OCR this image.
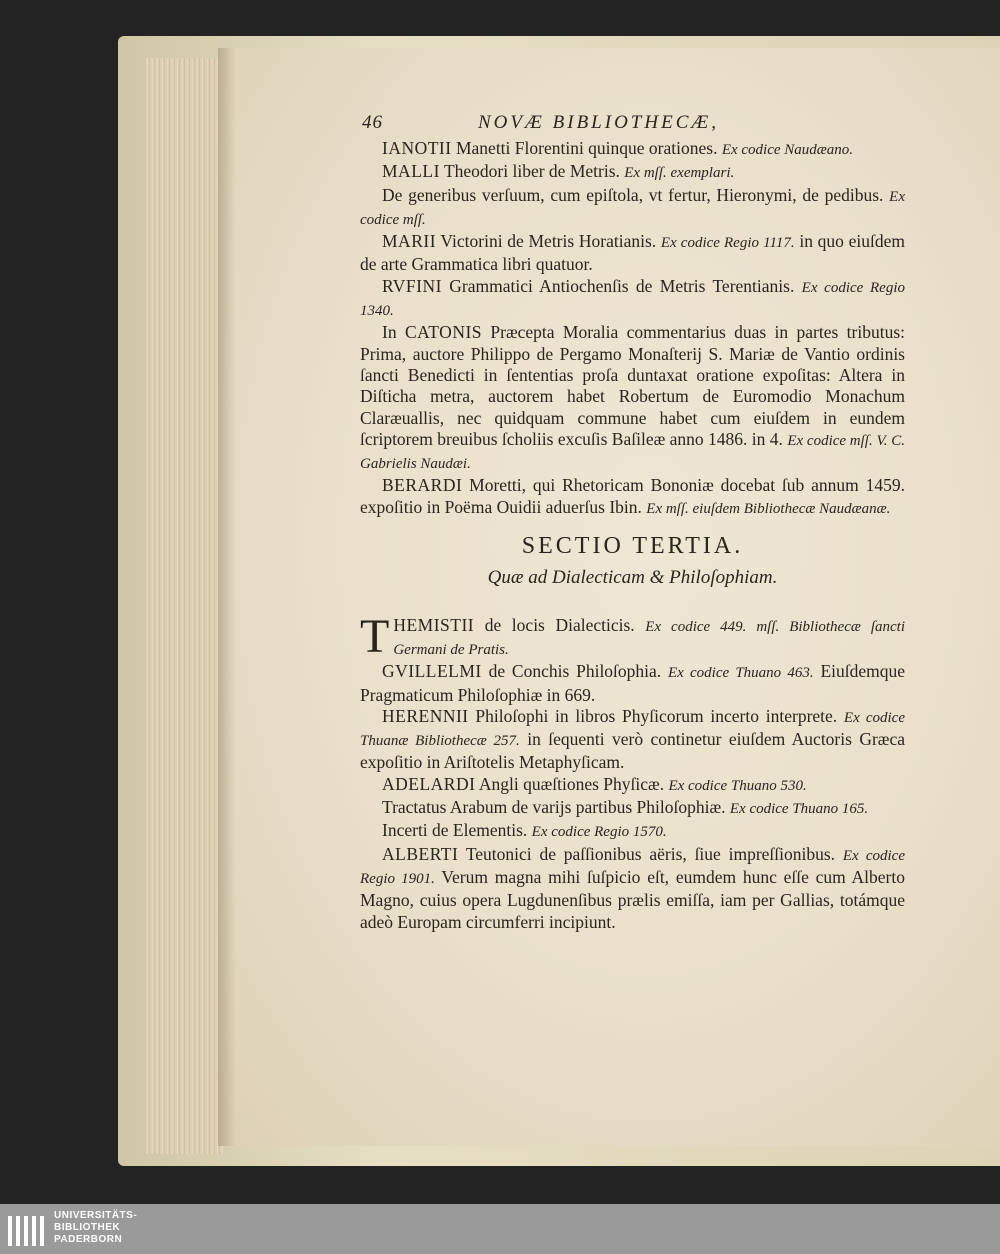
46	NOVÆ BIBLIOTHECÆ,

IANOTII Manetti Florentini quinque orationes. Ex codice Naudæano.

MALLI Theodori liber de Metris. Ex mſſ. exemplari.

De generibus verſuum, cum epiſtola, vt fertur, Hieronymi, de pedibus. Ex codice mſſ.

MARII Victorini de Metris Horatianis. Ex codice Regio 1117. in quo eiuſdem de arte Grammatica libri quatuor.

RVFINI Grammatici Antiochenſis de Metris Terentianis. Ex codice Regio 1340.

In CATONIS Præcepta Moralia commentarius duas in partes tributus: Prima, auctore Philippo de Pergamo Monaſterij S. Mariæ de Vantio ordinis ſancti Benedicti in ſententias proſa duntaxat oratione expoſitas: Altera in Diſticha metra, auctorem habet Robertum de Euromodio Monachum Claræuallis, nec quidquam commune habet cum eiuſdem in eundem ſcriptorem breuibus ſcholiis excuſis Baſileæ anno 1486. in 4. Ex codice mſſ. V. C. Gabrielis Naudæi.

BERARDI Moretti, qui Rhetoricam Bononiæ docebat ſub annum 1459. expoſitio in Poëma Ouidii aduerſus Ibin. Ex mſſ. eiuſdem Bibliothecæ Naudæanæ.

SECTIO TERTIA.
Quæ ad Dialecticam & Philoſophiam.

THEMISTII de locis Dialecticis. Ex codice 449. mſſ. Bibliothecæ ſancti Germani de Pratis.

GVILLELMI de Conchis Philoſophia. Ex codice Thuano 463. Eiuſdemque Pragmaticum Philoſophiæ in 669.

HERENNII Philoſophi in libros Phyſicorum incerto interprete. Ex codice Thuanæ Bibliothecæ 257. in ſequenti verò continetur eiuſdem Auctoris Græca expoſitio in Ariſtotelis Metaphyſicam.

ADELARDI Angli quæſtiones Phyſicæ. Ex codice Thuano 530.

Tractatus Arabum de varijs partibus Philoſophiæ. Ex codice Thuano 165.

Incerti de Elementis. Ex codice Regio 1570.

ALBERTI Teutonici de paſſionibus aëris, ſiue impreſſionibus. Ex codice Regio 1901. Verum magna mihi ſuſpicio eſt, eumdem hunc eſſe cum Alberto Magno, cuius opera Lugdunenſibus prælis emiſſa, iam per Gallias, totámque adeò Europam circumferri incipiunt.

UNIVERSITÄTS-
BIBLIOTHEK
PADERBORN
